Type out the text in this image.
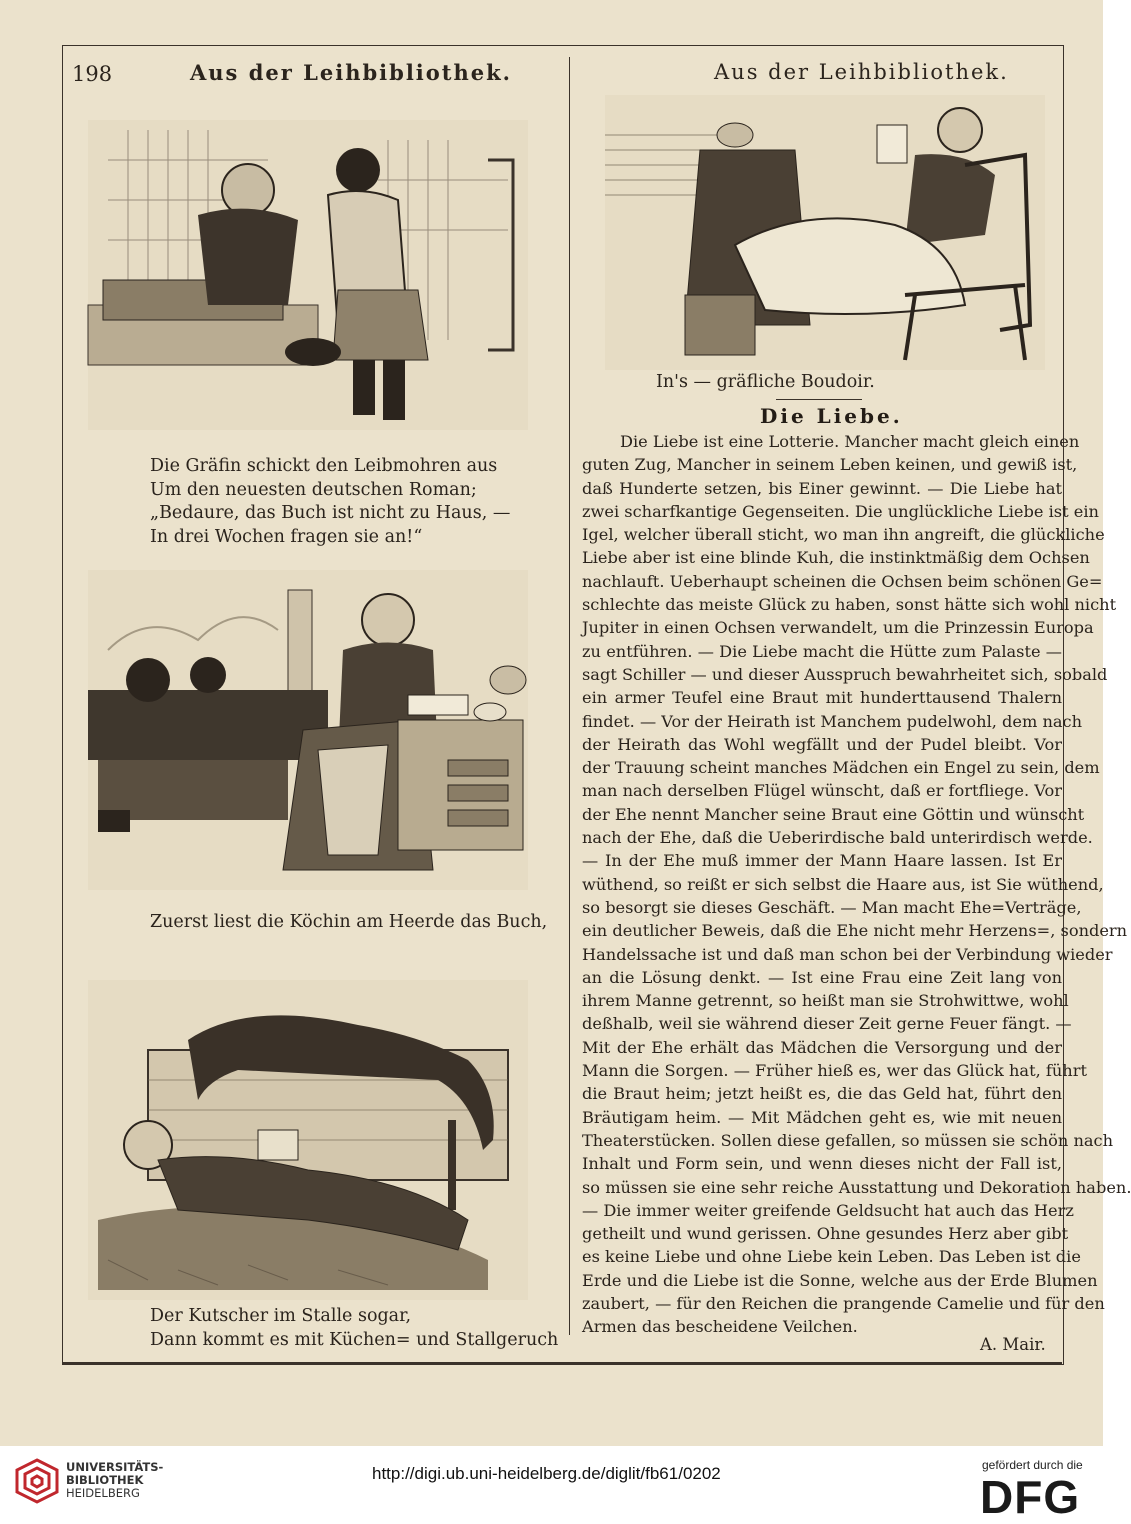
198	Aus der Leihbibliothek.	Aus der Leihbibliothek.
Die Gräfin schickt den Leibmohren aus
Um den neuesten deutschen Roman;
„Bedaure, das Buch ist nicht zu Haus, —
In drei Wochen fragen sie an!“
Zuerst liest die Köchin am Heerde das Buch,
Der Kutscher im Stalle sogar,
Dann kommt es mit Küchen= und Stallgeruch
In's — gräfliche Boudoir.
Die Liebe.
Die Liebe ist eine Lotterie. Mancher macht gleich einen
guten Zug, Mancher in seinem Leben keinen, und gewiß ist,
daß Hunderte setzen, bis Einer gewinnt. — Die Liebe hat
zwei scharfkantige Gegenseiten. Die unglückliche Liebe ist ein
Igel, welcher überall sticht, wo man ihn angreift, die glückliche
Liebe aber ist eine blinde Kuh, die instinktmäßig dem Ochsen
nachlauft. Ueberhaupt scheinen die Ochsen beim schönen Ge=
schlechte das meiste Glück zu haben, sonst hätte sich wohl nicht
Jupiter in einen Ochsen verwandelt, um die Prinzessin Europa
zu entführen. — Die Liebe macht die Hütte zum Palaste —
sagt Schiller — und dieser Ausspruch bewahrheitet sich, sobald
ein armer Teufel eine Braut mit hunderttausend Thalern
findet. — Vor der Heirath ist Manchem pudelwohl, dem nach
der Heirath das Wohl wegfällt und der Pudel bleibt. Vor
der Trauung scheint manches Mädchen ein Engel zu sein, dem
man nach derselben Flügel wünscht, daß er fortfliege. Vor
der Ehe nennt Mancher seine Braut eine Göttin und wünscht
nach der Ehe, daß die Ueberirdische bald unterirdisch werde.
— In der Ehe muß immer der Mann Haare lassen. Ist Er
wüthend, so reißt er sich selbst die Haare aus, ist Sie wüthend,
so besorgt sie dieses Geschäft. — Man macht Ehe=Verträge,
ein deutlicher Beweis, daß die Ehe nicht mehr Herzens=, sondern
Handelssache ist und daß man schon bei der Verbindung wieder
an die Lösung denkt. — Ist eine Frau eine Zeit lang von
ihrem Manne getrennt, so heißt man sie Strohwittwe, wohl
deßhalb, weil sie während dieser Zeit gerne Feuer fängt. —
Mit der Ehe erhält das Mädchen die Versorgung und der
Mann die Sorgen. — Früher hieß es, wer das Glück hat, führt
die Braut heim; jetzt heißt es, die das Geld hat, führt den
Bräutigam heim. — Mit Mädchen geht es, wie mit neuen
Theaterstücken. Sollen diese gefallen, so müssen sie schön nach
Inhalt und Form sein, und wenn dieses nicht der Fall ist,
so müssen sie eine sehr reiche Ausstattung und Dekoration haben.
— Die immer weiter greifende Geldsucht hat auch das Herz
getheilt und wund gerissen. Ohne gesundes Herz aber gibt
es keine Liebe und ohne Liebe kein Leben. Das Leben ist die
Erde und die Liebe ist die Sonne, welche aus der Erde Blumen
zaubert, — für den Reichen die prangende Camelie und für den
Armen das bescheidene Veilchen.
A. Mair.
UNIVERSITÄTS-
BIBLIOTHEK
HEIDELBERG
http://digi.ub.uni-heidelberg.de/diglit/fb61/0202	gefördert durch die
DFG
